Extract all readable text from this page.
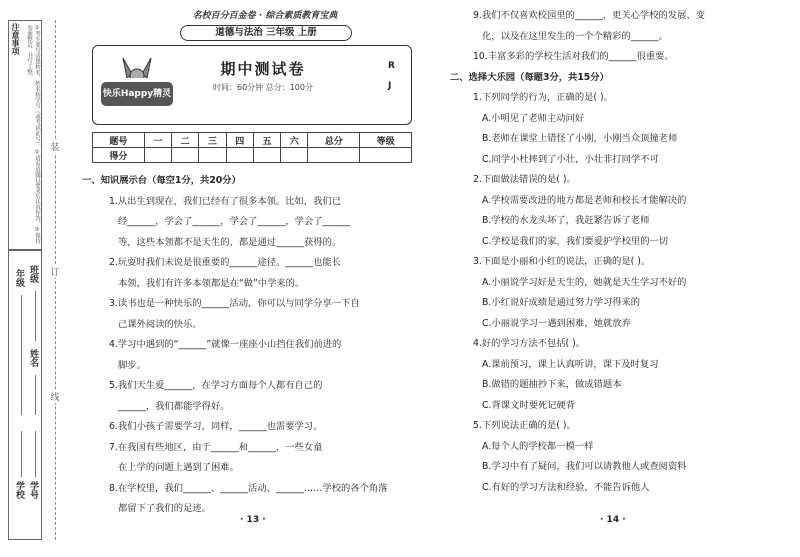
注意事项	①考生要写清楚校名、姓名和学号（或考试证号）。②请看清题目要求后认真作答。③保持卷面整洁，书写工整。
年级 班级
姓名
学校 学号
装
订
线
名校百分百金卷 · 综合素质教育宝典
道德与法治 三年级 上册
快乐Happy精灵
期中测试卷
时间：60分钟 总分：100分
R
J
题号	一	二	三	四	五	六	总分	等级
得分								
一、知识展示台（每空1分，共20分）
1.从出生到现在，我们已经有了很多本领。比如，我们已
经______，学会了______，学会了______，学会了______
等，这些本领都不是天生的，都是通过______获得的。
2.玩耍时我们未说是很重要的______途径。______也能长
本领，我们有许多本领都是在“做”中学来的。
3.读书也是一种快乐的______活动，你可以与同学分享一下自
己课外阅读的快乐。
4.学习中遇到的“______”就像一座座小山挡住我们前进的
脚步。
5.我们天生爱______，在学习方面每个人都有自己的
______，我们都能学得好。
6.我们小孩子需要学习，同样，______也需要学习。
7.在我国有些地区，由于______和______，一些女童
在上学的问题上遇到了困难。
8.在学校里，我们______、______活动、______……学校的各个角落
都留下了我们的足迹。
9.我们不仅喜欢校园里的______，更关心学校的发展、变
化，以及在这里发生的一个个精彩的______。
10.丰富多彩的学校生活对我们的______很重要。
二、选择大乐园（每题3分，共15分）
1.下列同学的行为，正确的是( )。
A.小明见了老师主动问好
B.老师在课堂上错怪了小刚，小刚当众顶撞老师
C.同学小杜摔到了小壮，小壮非打同学不可
2.下面做法错误的是( )。
A.学校需要改进的地方都是老师和校长才能解决的
B.学校的水龙头坏了，我赶紧告诉了老师
C.学校是我们的家，我们要爱护学校里的一切
3.下面是小丽和小红的说法，正确的是( )。
A.小丽说学习好是天生的，她就是天生学习不好的
B.小红说好成绩是通过努力学习得来的
C.小丽说学习一遇到困难，她就放弃
4.好的学习方法不包括( )。
A.课前预习，课上认真听讲，课下及时复习
B.做错的题抽抄下来，做成错题本
C.背课文时要死记硬背
5.下列说法正确的是( )。
A.每个人的学校都一模一样
B.学习中有了疑问，我们可以请教他人或查阅资料
C.有好的学习方法和经验，不能告诉他人
· 13 ·	· 14 ·
